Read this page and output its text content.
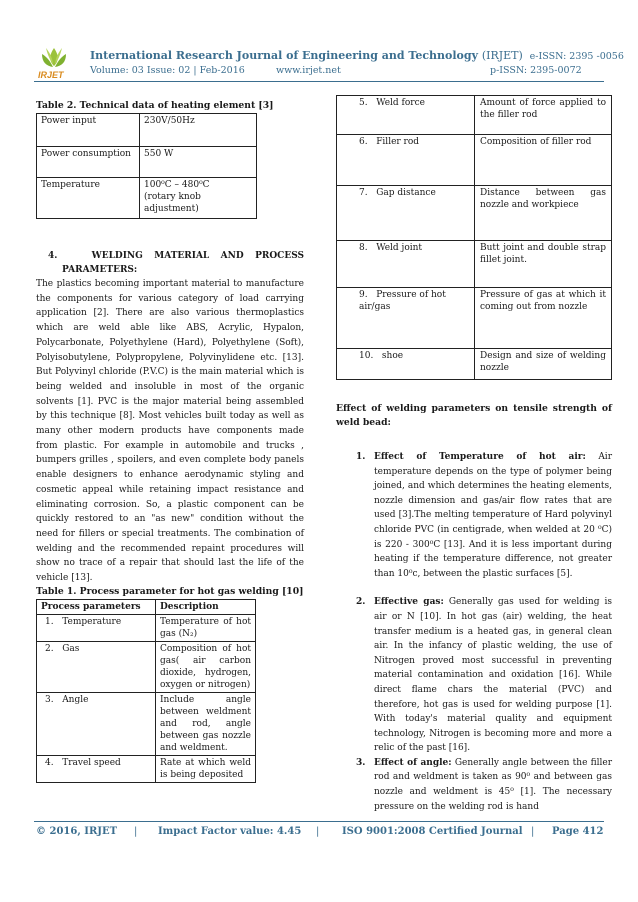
IRJET
International Research Journal of Engineering and Technology (IRJET) e-ISSN: 2395 -0056
Volume: 03 Issue: 02 | Feb-2016	www.irjet.net	p-ISSN: 2395-0072
Table 2. Technical data of heating element [3]
Power input	230V/50Hz
Power consumption	550 W
Temperature	100⁰C – 480⁰C
(rotary knob
adjustment)
4.	WELDING MATERIAL AND PROCESS PARAMETERS:

The plastics becoming important material to manufacture the components for various category of load carrying application [2]. There are also various thermoplastics which are weld able like ABS, Acrylic, Hypalon, Polycarbonate, Polyethylene (Hard), Polyethylene (Soft), Polyisobutylene, Polypropylene, Polyvinylidene etc. [13]. But Polyvinyl chloride (P.V.C) is the main material which is being welded and insoluble in most of the organic solvents [1]. PVC is the major material being assembled by this technique [8]. Most vehicles built today as well as many other modern products have components made from plastic. For example in automobile and trucks , bumpers grilles , spoilers, and even complete body panels enable designers to enhance aerodynamic styling and cosmetic appeal while retaining impact resistance and eliminating corrosion. So, a plastic component can be quickly restored to an "as new" condition without the need for fillers or special treatments. The combination of welding and the recommended repaint procedures will show no trace of a repair that should last the life of the vehicle [13].

Table 1. Process parameter for hot gas welding [10]
Process parameters	Description
1. Temperature	Temperature of hot gas (N₂)
2. Gas	Composition of hot gas( air carbon dioxide, hydrogen, oxygen or nitrogen)
3. Angle	Include angle between weldment and rod, angle between gas nozzle and weldment.
4. Travel speed	Rate at which weld is being deposited
5. Weld force	Amount of force applied to the filler rod
6. Filler rod	Composition of filler rod
7. Gap distance	Distance between gas nozzle and workpiece
8. Weld joint	Butt joint and double strap fillet joint.
9. Pressure of hot air/gas	Pressure of gas at which it coming out from nozzle
10. shoe	Design and size of welding nozzle
Effect of welding parameters on tensile strength of weld bead:
1. Effect of Temperature of hot air: Air temperature depends on the type of polymer being joined, and which determines the heating elements, nozzle dimension and gas/air flow rates that are used [3].The melting temperature of Hard polyvinyl chloride PVC (in centigrade, when welded at 20 ⁰C) is 220 - 300⁰C [13]. And it is less important during heating if the temperature difference, not greater than 10⁰c, between the plastic surfaces [5].
2. Effective gas: Generally gas used for welding is air or N [10]. In hot gas (air) welding, the heat transfer medium is a heated gas, in general clean air. In the infancy of plastic welding, the use of Nitrogen proved most successful in preventing material contamination and oxidation [16]. While direct flame chars the material (PVC) and therefore, hot gas is used for welding purpose [1]. With today's material quality and equipment technology, Nitrogen is becoming more and more a relic of the past [16].
3. Effect of angle: Generally angle between the filler rod and weldment is taken as 90⁰ and between gas nozzle and weldment is 45⁰ [1]. The necessary pressure on the welding rod is hand
© 2016, IRJET | Impact Factor value: 4.45 | ISO 9001:2008 Certified Journal | Page 412
